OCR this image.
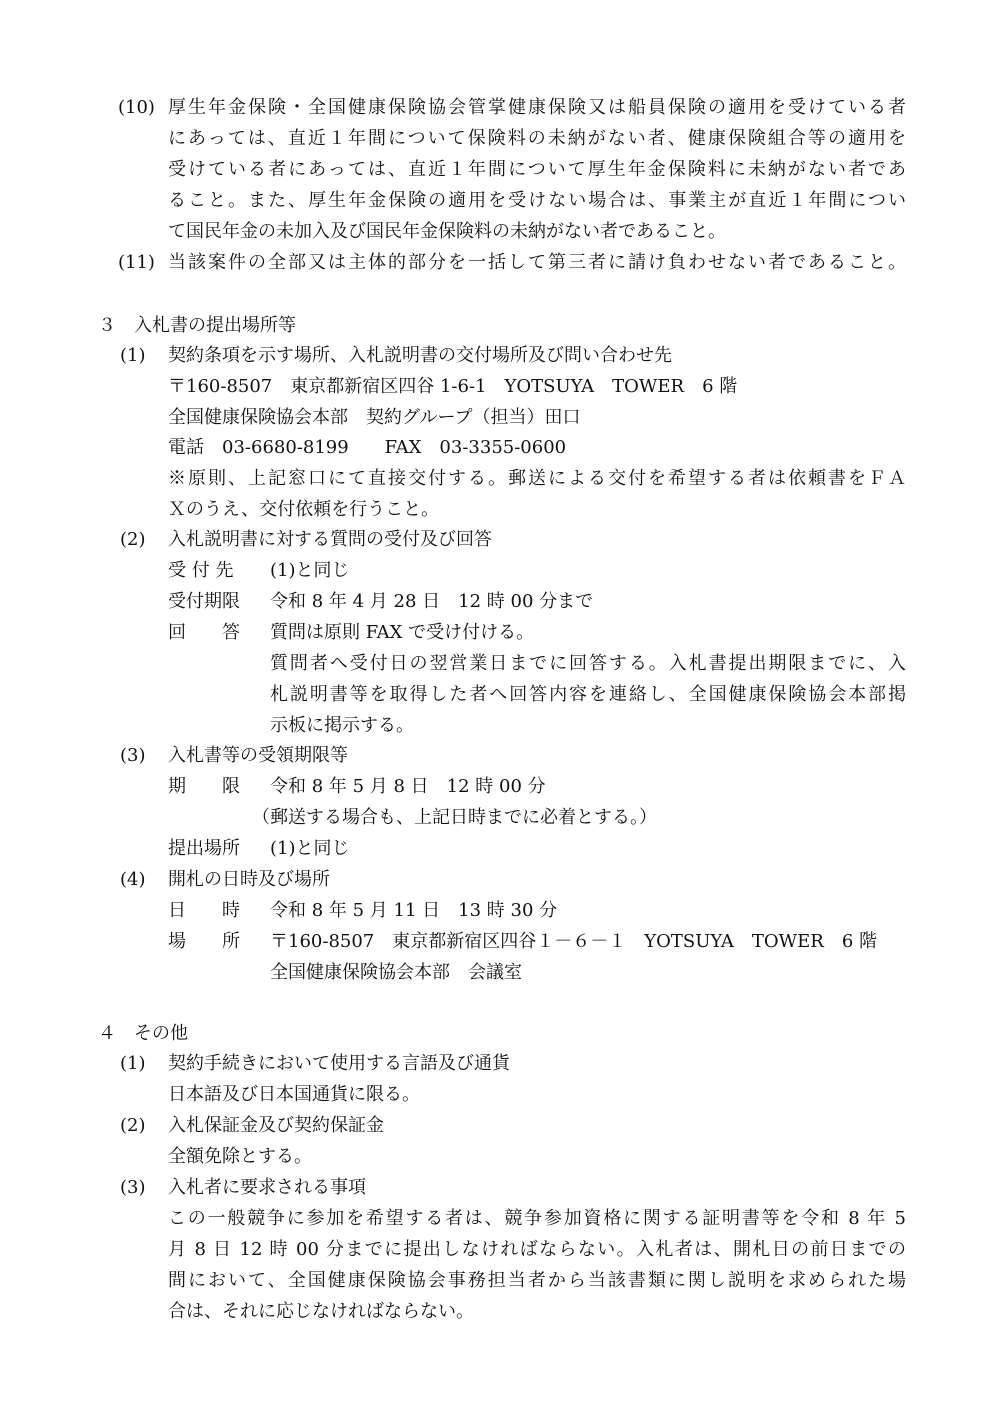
(10) 厚生年金保険・全国健康保険協会管掌健康保険又は船員保険の適用を受けている者
にあっては、直近１年間について保険料の未納がない者、健康保険組合等の適用を
受けている者にあっては、直近１年間について厚生年金保険料に未納がない者であ
ること。また、厚生年金保険の適用を受けない場合は、事業主が直近１年間につい
て国民年金の未加入及び国民年金保険料の未納がない者であること。
(11) 当該案件の全部又は主体的部分を一括して第三者に請け負わせない者であること。
３　入札書の提出場所等
(1) 契約条項を示す場所、入札説明書の交付場所及び問い合わせ先
〒160-8507　東京都新宿区四谷 1-6-1　YOTSUYA　TOWER　6 階
全国健康保険協会本部　契約グループ（担当）田口
電話　03-6680-8199　　FAX　03-3355-0600
※原則、上記窓口にて直接交付する。郵送による交付を希望する者は依頼書をＦＡ
Ｘのうえ、交付依頼を行うこと。
(2) 入札説明書に対する質問の受付及び回答
受 付 先 (1)と同じ
受付期限 令和 8 年 4 月 28 日　12 時 00 分まで
回　　答 質問は原則 FAX で受け付ける。
質問者へ受付日の翌営業日までに回答する。入札書提出期限までに、入
札説明書等を取得した者へ回答内容を連絡し、全国健康保険協会本部掲
示板に掲示する。
(3) 入札書等の受領期限等
期　　限 令和 8 年 5 月 8 日　12 時 00 分
（郵送する場合も、上記日時までに必着とする。）
提出場所 (1)と同じ
(4) 開札の日時及び場所
日　　時 令和 8 年 5 月 11 日　13 時 30 分
場　　所 〒160-8507　東京都新宿区四谷１－６－１　YOTSUYA　TOWER　6 階
全国健康保険協会本部　会議室
４　その他
(1) 契約手続きにおいて使用する言語及び通貨
日本語及び日本国通貨に限る。
(2) 入札保証金及び契約保証金
全額免除とする。
(3) 入札者に要求される事項
この一般競争に参加を希望する者は、競争参加資格に関する証明書等を令和 8 年 5
月 8 日 12 時 00 分までに提出しなければならない。入札者は、開札日の前日までの
間において、全国健康保険協会事務担当者から当該書類に関し説明を求められた場
合は、それに応じなければならない。
